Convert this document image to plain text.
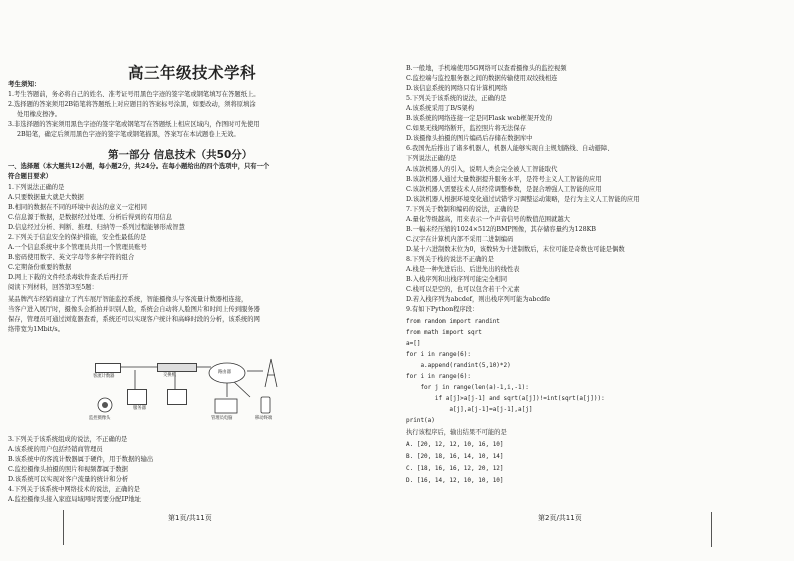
高三年级技术学科
考生须知：
1.考生答题前，务必将自己的姓名、准考证号用黑色字迹的签字笔或钢笔填写在答题纸上。
2.选择题的答案须用2B铅笔将答题纸上对应题目的答案标号涂黑，如要改动，须将原填涂
处用橡皮擦净。
3.非选择题的答案须用黑色字迹的签字笔或钢笔写在答题纸上相应区域内，作图时可先使用
2B铅笔，确定后须用黑色字迹的签字笔或钢笔描黑，答案写在本试题卷上无效。
第一部分 信息技术（共50分）
一、选择题（本大题共12小题，每小题2分，共24分。在每小题给出的四个选项中，只有一个
符合题目要求）
1.下列说法正确的是
A.只要数据量大就是大数据
B.相同的数据在不同的环境中表达的意义一定相同
C.信息源于数据，是数据经过处理、分析后得到的有用信息
D.信息经过分析、判断、推理、归纳等一系列过程能够形成智慧
2.下列关于信息安全的保护措施，安全性最低的是
A.一个信息系统中多个管理员共用一个管理员账号
B.密码使用数字、英文字母等多种字符的组合
C.定期备份重要的数据
D.网上下载的文件经杀毒软件查杀后再打开
阅读下列材料，回答第3至5题：
某品牌汽车经销商建立了汽车展厅智能监控系统，智能摄像头与客流量计数器相连接，
当客户进入展厅时，摄像头会抓拍并识别人脸，系统会自动将人脸图片和时间上传到服务器
保存，管理员可通过浏览器查看，系统还可以实现客户统计和高峰时段的分析，该系统的网
络带宽为1Mbit/s。
客流计数器	交换机
路由器
服务器
移动终端
监控摄像头	管理员电脑
3.下列关于该系统组成的说法，不正确的是
A.该系统的用户包括经销商管理员
B.该系统中的客流计数器属于硬件，用于数据的输出
C.监控摄像头拍摄的照片和视频都属于数据
D.该系统可以实现对客户流量的统计和分析
4.下列关于该系统中网络技术的说法，正确的是
A.监控摄像头接入家庭局域网时需要分配IP地址
第1页/共11页
B.一般地，手机端使用5G网络可以查看摄像头的监控视频
C.监控端与监控服务器之间的数据传输使用双绞线相连
D.该信息系统的网络只有计算机网络
5.下列关于该系统的说法，正确的是
A.该系统采用了B/S架构
B.该系统的网络连接一定是同Flask web框架开发的
C.如果无线网络断开，监控照片将无法保存
D.该摄像头拍摄的图片编码后存储在数据库中
6.我国先后推出了诸多机器人，机器人能够实现自主规划路线、自动避障、
下列说法正确的是
A.该款机器人的引入，说明人类会完全被人工智能取代
B.该款机器人通过大量数据提升服务水平，是符号主义人工智能的应用
C.该款机器人需要技术人员经常调整参数，是混合增强人工智能的应用
D.该款机器人根据环境变化通过试错学习调整运动策略，是行为主义人工智能的应用
7.下列关于数制和编码的说法，正确的是
A.量化等级越高，用来表示一个声音信号的数值范围就越大
B.一幅未经压缩的1024×512的BMP图像，其存储容量约为128KB
C.汉字在计算机内部不采用二进制编码
D.某十六进制数末位为0，该数转为十进制数后，末位可能是奇数也可能是偶数
8.下列关于栈的说法不正确的是
A.栈是一种先进后出、后进先出的线性表
B.入栈序列和出栈序列可能完全相同
C.栈可以是空的，也可以包含若干个元素
D.若入栈序列为abcdef，则出栈序列可能为abcdfe
9.有如下Python程序段：
from random import randint
from math import sqrt
a=[]
for i in range(6):
a.append(randint(5,10)*2)
for i in range(6):
for j in range(len(a)-1,i,-1):
if a[j]>a[j-1] and sqrt(a[j])!=int(sqrt(a[j])):
a[j],a[j-1]=a[j-1],a[j]
print(a)
执行该程序后，输出结果不可能的是
A. [20, 12, 12, 10, 16, 10]
B. [20, 18, 16, 14, 10, 14]
C. [18, 16, 16, 12, 20, 12]
D. [16, 14, 12, 10, 10, 10]
第2页/共11页
